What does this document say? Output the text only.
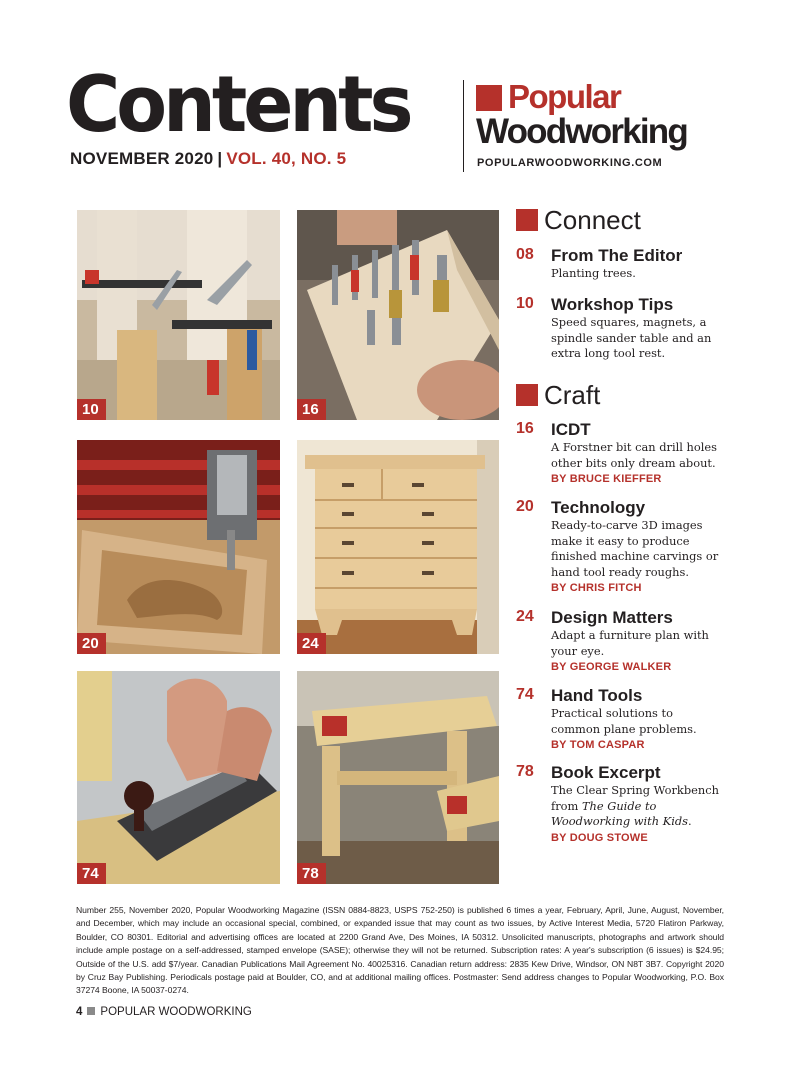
Contents
NOVEMBER 2020 | VOL. 40, NO. 5
Popular
Woodworking
POPULARWOODWORKING.COM
10	16
20	24
74	78
Connect
08 From The Editor
Planting trees.
10 Workshop Tips
Speed squares, magnets, a spindle sander table and an extra long tool rest.
Craft
16 ICDT
A Forstner bit can drill holes other bits only dream about.
BY BRUCE KIEFFER
20 Technology
Ready-to-carve 3D images make it easy to produce finished machine carvings or hand tool ready roughs.
BY CHRIS FITCH
24 Design Matters
Adapt a furniture plan with your eye.
BY GEORGE WALKER
74 Hand Tools
Practical solutions to common plane problems.
BY TOM CASPAR
78 Book Excerpt
The Clear Spring Workbench from The Guide to Woodworking with Kids.
BY DOUG STOWE
Number 255, November 2020, Popular Woodworking Magazine (ISSN 0884-8823, USPS 752-250) is published 6 times a year, February, April, June, August, November, and December, which may include an occasional special, combined, or expanded issue that may count as two issues, by Active Interest Media, 5720 Flatiron Parkway, Boulder, CO 80301. Editorial and advertising offices are located at 2200 Grand Ave, Des Moines, IA 50312. Unsolicited manuscripts, photographs and artwork should include ample postage on a self-addressed, stamped envelope (SASE); otherwise they will not be returned. Subscription rates: A year's subscription (6 issues) is $24.95; Outside of the U.S. add $7/year. Canadian Publications Mail Agreement No. 40025316. Canadian return address: 2835 Kew Drive, Windsor, ON N8T 3B7. Copyright 2020 by Cruz Bay Publishing. Periodicals postage paid at Boulder, CO, and at additional mailing offices. Postmaster: Send address changes to Popular Woodworking, P.O. Box 37274 Boone, IA 50037-0274.
4 POPULAR WOODWORKING
